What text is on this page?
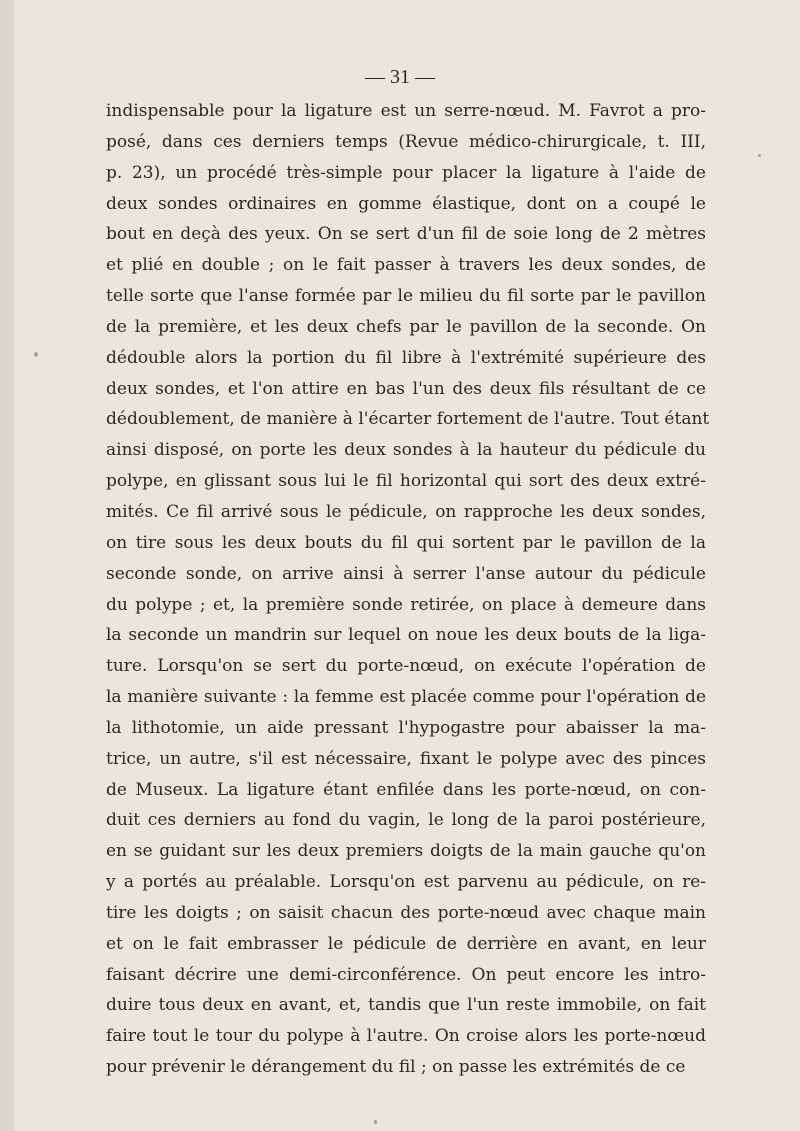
— 31 —
indispensable pour la ligature est un serre-nœud. M. Favrot a pro-
posé, dans ces derniers temps (Revue médico-chirurgicale, t. III,
p. 23), un procédé très-simple pour placer la ligature à l'aide de
deux sondes ordinaires en gomme élastique, dont on a coupé le
bout en deçà des yeux. On se sert d'un fil de soie long de 2 mètres
et plié en double ; on le fait passer à travers les deux sondes, de
telle sorte que l'anse formée par le milieu du fil sorte par le pavillon
de la première, et les deux chefs par le pavillon de la seconde. On
dédouble alors la portion du fil libre à l'extrémité supérieure des
deux sondes, et l'on attire en bas l'un des deux fils résultant de ce
dédoublement, de manière à l'écarter fortement de l'autre. Tout étant
ainsi disposé, on porte les deux sondes à la hauteur du pédicule du
polype, en glissant sous lui le fil horizontal qui sort des deux extré-
mités. Ce fil arrivé sous le pédicule, on rapproche les deux sondes,
on tire sous les deux bouts du fil qui sortent par le pavillon de la
seconde sonde, on arrive ainsi à serrer l'anse autour du pédicule
du polype ; et, la première sonde retirée, on place à demeure dans
la seconde un mandrin sur lequel on noue les deux bouts de la liga-
ture. Lorsqu'on se sert du porte-nœud, on exécute l'opération de
la manière suivante : la femme est placée comme pour l'opération de
la lithotomie, un aide pressant l'hypogastre pour abaisser la ma-
trice, un autre, s'il est nécessaire, fixant le polype avec des pinces
de Museux. La ligature étant enfilée dans les porte-nœud, on con-
duit ces derniers au fond du vagin, le long de la paroi postérieure,
en se guidant sur les deux premiers doigts de la main gauche qu'on
y a portés au préalable. Lorsqu'on est parvenu au pédicule, on re-
tire les doigts ; on saisit chacun des porte-nœud avec chaque main
et on le fait embrasser le pédicule de derrière en avant, en leur
faisant décrire une demi-circonférence. On peut encore les intro-
duire tous deux en avant, et, tandis que l'un reste immobile, on fait
faire tout le tour du polype à l'autre. On croise alors les porte-nœud
pour prévenir le dérangement du fil ; on passe les extrémités de ce
